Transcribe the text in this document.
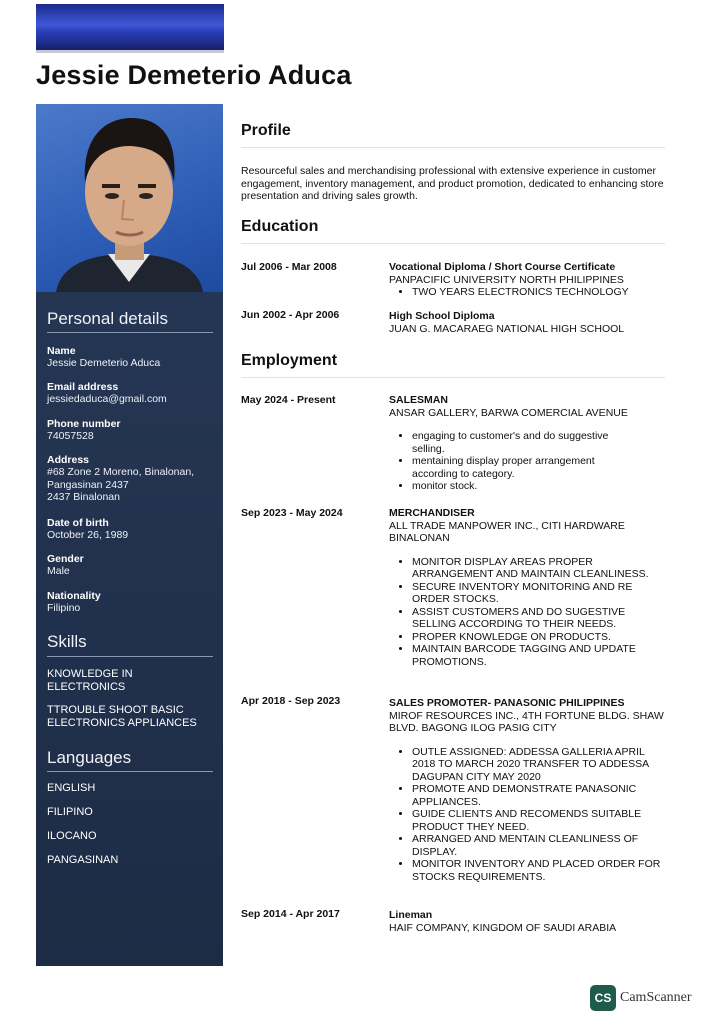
Jessie Demeterio Aduca
Personal details
Name
Jessie Demeterio Aduca
Email address
jessiedaduca@gmail.com
Phone number
74057528
Address
#68 Zone 2 Moreno, Binalonan, Pangasinan 2437
2437 Binalonan
Date of birth
October 26, 1989
Gender
Male
Nationality
Filipino
Skills
KNOWLEDGE IN ELECTRONICS
TTROUBLE SHOOT BASIC ELECTRONICS APPLIANCES
Languages
ENGLISH
FILIPINO
ILOCANO
PANGASINAN
Profile
Resourceful sales and merchandising professional with extensive experience in customer engagement, inventory management, and product promotion, dedicated to enhancing store presentation and driving sales growth.
Education
Jul 2006 - Mar 2008	Vocational Diploma / Short Course Certificate
PANPACIFIC UNIVERSITY NORTH PHILIPPINES
• TWO YEARS ELECTRONICS TECHNOLOGY
Jun 2002 - Apr 2006	High School Diploma
JUAN G. MACARAEG NATIONAL HIGH SCHOOL
Employment
May 2024 - Present	SALESMAN
ANSAR GALLERY, BARWA COMERCIAL AVENUE
• engaging to customer's and do suggestive selling.
• mentaining display proper arrangement according to category.
• monitor stock.
Sep 2023 - May 2024	MERCHANDISER
ALL TRADE MANPOWER INC., CITI HARDWARE BINALONAN
• MONITOR DISPLAY AREAS PROPER ARRANGEMENT AND MAINTAIN CLEANLINESS.
• SECURE INVENTORY MONITORING AND RE ORDER STOCKS.
• ASSIST CUSTOMERS AND DO SUGESTIVE SELLING ACCORDING TO THEIR NEEDS.
• PROPER KNOWLEDGE ON PRODUCTS.
• MAINTAIN BARCODE TAGGING AND UPDATE PROMOTIONS.
Apr 2018 - Sep 2023	SALES PROMOTER- PANASONIC PHILIPPINES
MIROF RESOURCES INC., 4TH FORTUNE BLDG. SHAW BLVD. BAGONG ILOG PASIG CITY
• OUTLE ASSIGNED: ADDESSA GALLERIA APRIL 2018 TO MARCH 2020 TRANSFER TO ADDESSA DAGUPAN CITY MAY 2020
• PROMOTE AND DEMONSTRATE PANASONIC APPLIANCES.
• GUIDE CLIENTS AND RECOMENDS SUITABLE PRODUCT THEY NEED.
• ARRANGED AND MENTAIN CLEANLINESS OF DISPLAY.
• MONITOR INVENTORY AND PLACED ORDER FOR STOCKS REQUIREMENTS.
Sep 2014 - Apr 2017	Lineman
HAIF COMPANY, KINGDOM OF SAUDI ARABIA
CS CamScanner
